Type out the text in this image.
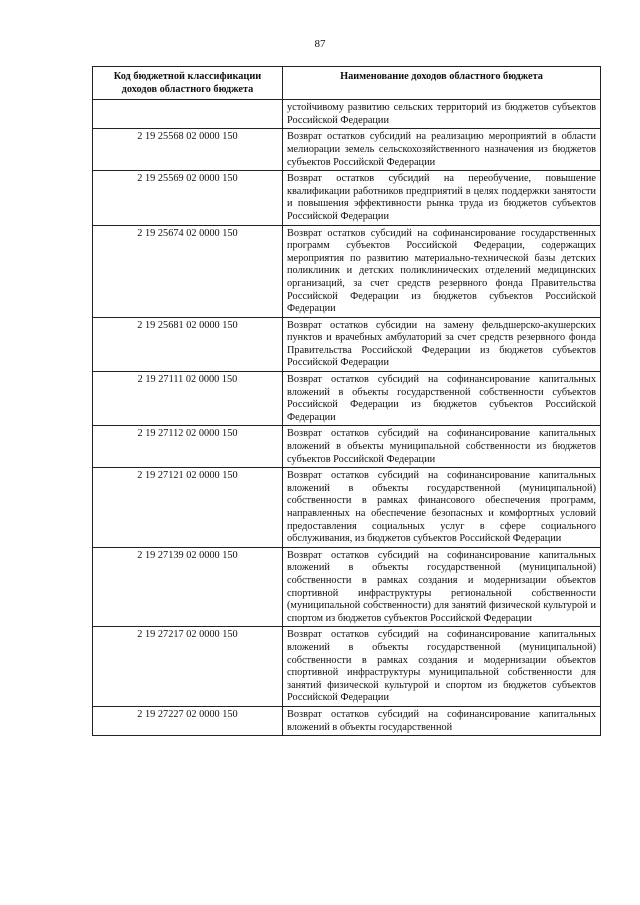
87
Код бюджетной классификации доходов областного бюджета	Наименование доходов областного бюджета
	устойчивому развитию сельских территорий из бюджетов субъектов Российской Федерации
2 19 25568 02 0000 150	Возврат остатков субсидий на реализацию мероприятий в области мелиорации земель сельскохозяйственного назначения из бюджетов субъектов Российской Федерации
2 19 25569 02 0000 150	Возврат остатков субсидий на переобучение, повышение квалификации работников предприятий в целях поддержки занятости и повышения эффективности рынка труда из бюджетов субъектов Российской Федерации
2 19 25674 02 0000 150	Возврат остатков субсидий на софинансирование государственных программ субъектов Российской Федерации, содержащих мероприятия по развитию материально-технической базы детских поликлиник и детских поликлинических отделений медицинских организаций, за счет средств резервного фонда Правительства Российской Федерации из бюджетов субъектов Российской Федерации
2 19 25681 02 0000 150	Возврат остатков субсидии на замену фельдшерско-акушерских пунктов и врачебных амбулаторий за счет средств резервного фонда Правительства Российской Федерации из бюджетов субъектов Российской Федерации
2 19 27111 02 0000 150	Возврат остатков субсидий на софинансирование капитальных вложений в объекты государственной собственности субъектов Российской Федерации из бюджетов субъектов Российской Федерации
2 19 27112 02 0000 150	Возврат остатков субсидий на софинансирование капитальных вложений в объекты муниципальной собственности из бюджетов субъектов Российской Федерации
2 19 27121 02 0000 150	Возврат остатков субсидий на софинансирование капитальных вложений в объекты государственной (муниципальной) собственности в рамках финансового обеспечения программ, направленных на обеспечение безопасных и комфортных условий предоставления социальных услуг в сфере социального обслуживания, из бюджетов субъектов Российской Федерации
2 19 27139 02 0000 150	Возврат остатков субсидий на софинансирование капитальных вложений в объекты государственной (муниципальной) собственности в рамках создания и модернизации объектов спортивной инфраструктуры региональной собственности (муниципальной собственности) для занятий физической культурой и спортом из бюджетов субъектов Российской Федерации
2 19 27217 02 0000 150	Возврат остатков субсидий на софинансирование капитальных вложений в объекты государственной (муниципальной) собственности в рамках создания и модернизации объектов спортивной инфраструктуры муниципальной собственности для занятий физической культурой и спортом из бюджетов субъектов Российской Федерации
2 19 27227 02 0000 150	Возврат остатков субсидий на софинансирование капитальных вложений в объекты государственной
